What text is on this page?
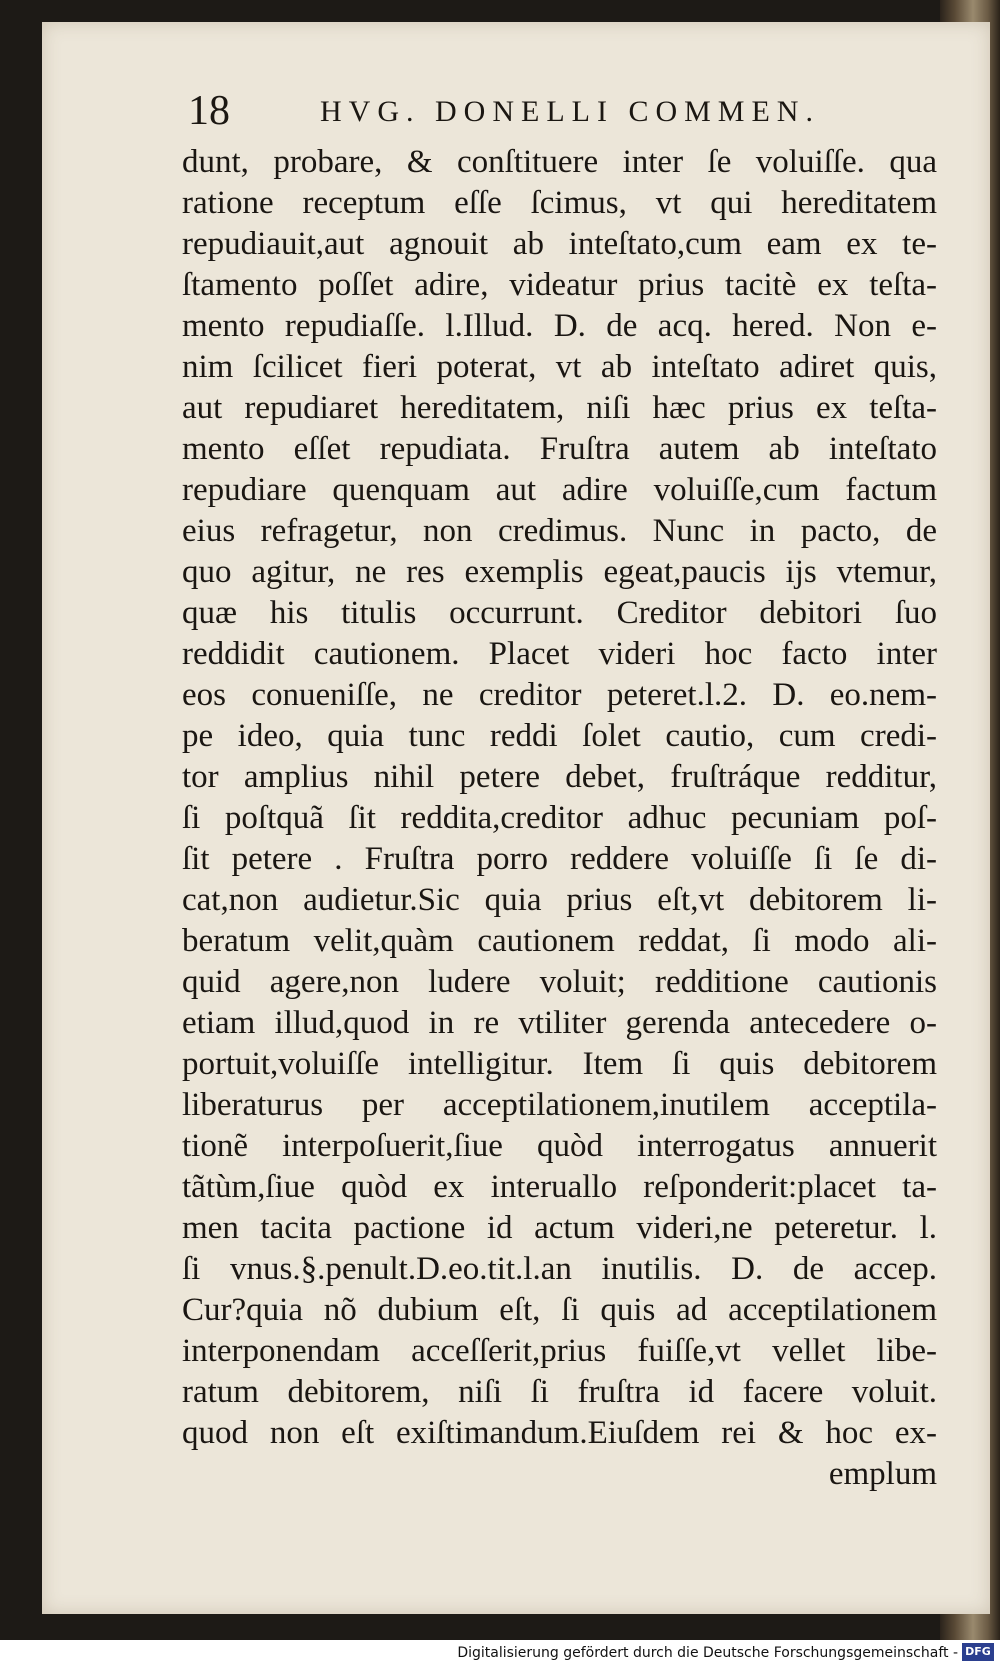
18	HVG. DONELLI COMMEN.
dunt, probare, & conſtituere inter ſe voluiſſe. qua
ratione receptum eſſe ſcimus, vt qui hereditatem
repudiauit,aut agnouit ab inteſtato,cum eam ex te-
ſtamento poſſet adire, videatur prius tacitè ex teſta-
mento repudiaſſe. l.Illud. D. de acq. hered. Non e-
nim ſcilicet fieri poterat, vt ab inteſtato adiret quis,
aut repudiaret hereditatem, niſi hæc prius ex teſta-
mento eſſet repudiata. Fruſtra autem ab inteſtato
repudiare quenquam aut adire voluiſſe,cum factum
eius refragetur, non credimus. Nunc in pacto, de
quo agitur, ne res exemplis egeat,paucis ijs vtemur,
quæ his titulis occurrunt. Creditor debitori ſuo
reddidit cautionem. Placet videri hoc facto inter
eos conueniſſe, ne creditor peteret.l.2. D. eo.nem-
pe ideo, quia tunc reddi ſolet cautio, cum credi-
tor amplius nihil petere debet, fruſtráque redditur,
ſi poſtquã ſit reddita,creditor adhuc pecuniam poſ-
ſit petere . Fruſtra porro reddere voluiſſe ſi ſe di-
cat,non audietur.Sic quia prius eſt,vt debitorem li-
beratum velit,quàm cautionem reddat, ſi modo ali-
quid agere,non ludere voluit; redditione cautionis
etiam illud,quod in re vtiliter gerenda antecedere o-
portuit,voluiſſe intelligitur. Item ſi quis debitorem
liberaturus per acceptilationem,inutilem acceptila-
tionẽ interpoſuerit,ſiue quòd interrogatus annuerit
tãtùm,ſiue quòd ex interuallo reſponderit:placet ta-
men tacita pactione id actum videri,ne peteretur. l.
ſi vnus.§.penult.D.eo.tit.l.an inutilis. D. de accep.
Cur?quia nõ dubium eſt, ſi quis ad acceptilationem
interponendam acceſſerit,prius fuiſſe,vt vellet libe-
ratum debitorem, niſi ſi fruſtra id facere voluit.
quod non eſt exiſtimandum.Eiuſdem rei & hoc ex-
emplum
Digitalisierung gefördert durch die Deutsche Forschungsgemeinschaft - DFG
